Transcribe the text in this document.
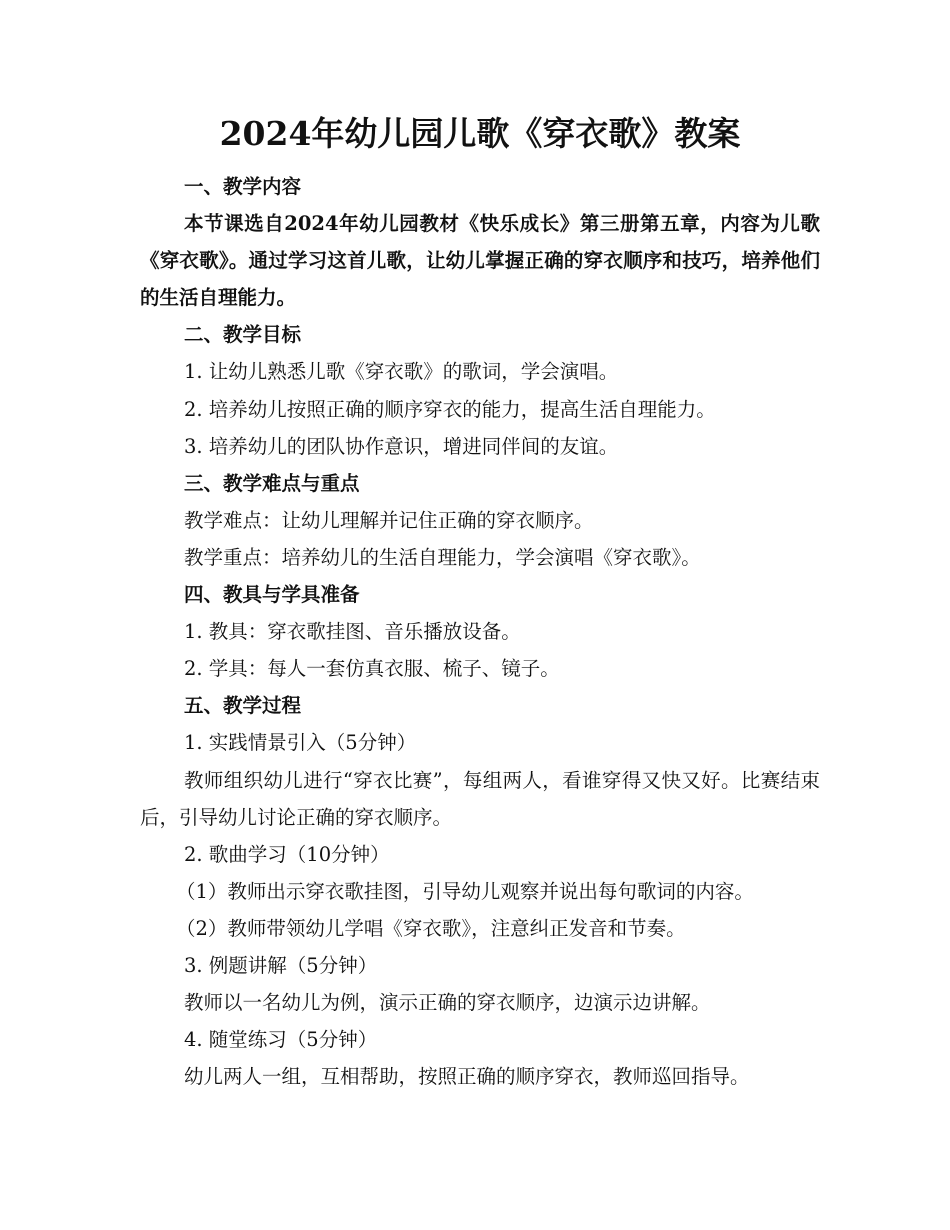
2024年幼儿园儿歌《穿衣歌》教案
一、教学内容

本节课选自2024年幼儿园教材《快乐成长》第三册第五章，内容为儿歌《穿衣歌》。通过学习这首儿歌，让幼儿掌握正确的穿衣顺序和技巧，培养他们的生活自理能力。

二、教学目标
1. 让幼儿熟悉儿歌《穿衣歌》的歌词，学会演唱。
2. 培养幼儿按照正确的顺序穿衣的能力，提高生活自理能力。
3. 培养幼儿的团队协作意识，增进同伴间的友谊。
三、教学难点与重点
教学难点：让幼儿理解并记住正确的穿衣顺序。
教学重点：培养幼儿的生活自理能力，学会演唱《穿衣歌》。
四、教具与学具准备
1. 教具：穿衣歌挂图、音乐播放设备。
2. 学具：每人一套仿真衣服、梳子、镜子。
五、教学过程
1. 实践情景引入（5分钟）

教师组织幼儿进行“穿衣比赛”，每组两人，看谁穿得又快又好。比赛结束后，引导幼儿讨论正确的穿衣顺序。

2. 歌曲学习（10分钟）
（1）教师出示穿衣歌挂图，引导幼儿观察并说出每句歌词的内容。
（2）教师带领幼儿学唱《穿衣歌》，注意纠正发音和节奏。
3. 例题讲解（5分钟）
教师以一名幼儿为例，演示正确的穿衣顺序，边演示边讲解。
4. 随堂练习（5分钟）
幼儿两人一组，互相帮助，按照正确的顺序穿衣，教师巡回指导。
